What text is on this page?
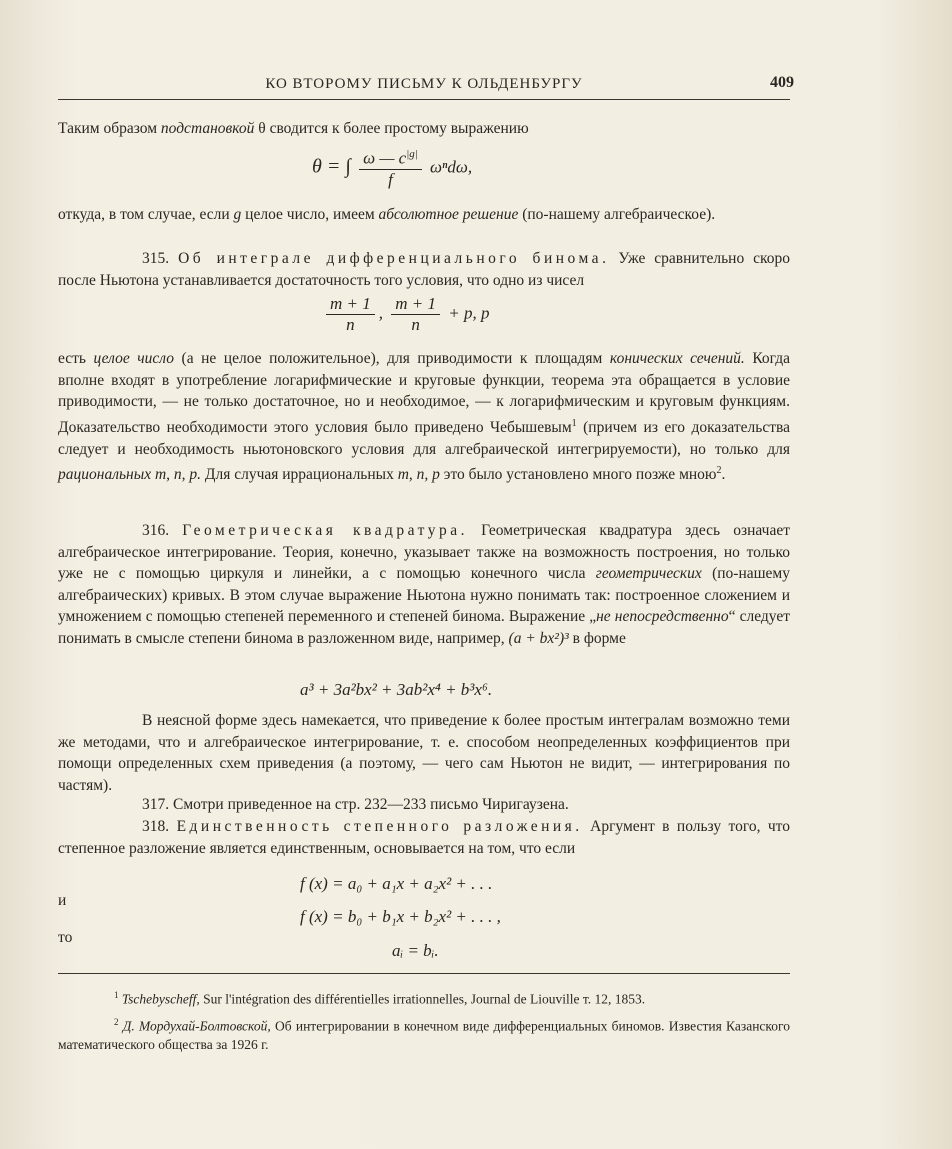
КО ВТОРОМУ ПИСЬМУ К ОЛЬДЕНБУРГУ	409

Таким образом подстановкой θ сводится к более простому выражению

θ = ∫ $\frac{\omega — c^{|g|}}{f} \omega^nd\omega$,

откуда, в том случае, если g целое число, имеем абсолютное решение (по-нашему алгебраическое).

315. Об интеграле дифференциального бинома. Уже сравнительно скоро после Ньютона устанавливается достаточность того условия, что одно из чисел

$\frac{m + 1}{n}$ , $\frac{m + 1}{n} + p$, p

есть целое число (а не целое положительное), для приводимости к площадям конических сечений. Когда вполне входят в употребление логарифмические и круговые функции, теорема эта обращается в условие приводимости, — не только достаточное, но и необходимое, — к логарифмическим и круговым функциям. Доказательство необходимости этого условия было приведено Чебышевым$^1$ (причем из его доказательства следует и необходимость ньютоновского условия для алгебраической интегрируемости), но только для рациональных m, n, p. Для случая иррациональных m, n, p это было установлено много позже мною$^2$.

316. Геометрическая квадратура. Геометрическая квадратура здесь означает алгебраическое интегрирование. Теория, конечно, указывает также на возможность построения, но только уже не с помощью циркуля и линейки, а с помощью конечного числа геометрических (по-нашему алгебраических) кривых. В этом случае выражение Ньютона нужно понимать так: построенное сложением и умножением с помощью степеней переменного и степеней бинома. Выражение „не непосредственно“ следует понимать в смысле степени бинома в разложенном виде, например, (a + bx²)³ в форме

a³ + 3a²bx² + 3ab²x⁴ + b³x⁶.

В неясной форме здесь намекается, что приведение к более простым интегралам возможно теми же методами, что и алгебраическое интегрирование, т. е. способом неопределенных коэффициентов при помощи определенных схем приведения (а поэтому, — чего сам Ньютон не видит, — интегрирования по частям).

317. Смотри приведенное на стр. 232—233 письмо Чиригаузена.

318. Единственность степенного разложения. Аргумент в пользу того, что степенное разложение является единственным, основывается на том, что если

f (x) = a₀ + a₁x + a₂x² + . . .
и
f (x) = b₀ + b₁x + b₂x² + . . . ,
то
aᵢ = bᵢ.

$^1$ Tschebyscheff, Sur l'intégration des différentielles irrationnelles, Journal de Liouville т. 12, 1853.

$^2$ Д. Мордухай-Болтовской, Об интегрировании в конечном виде дифференциальных биномов. Известия Казанского математического общества за 1926 г.
